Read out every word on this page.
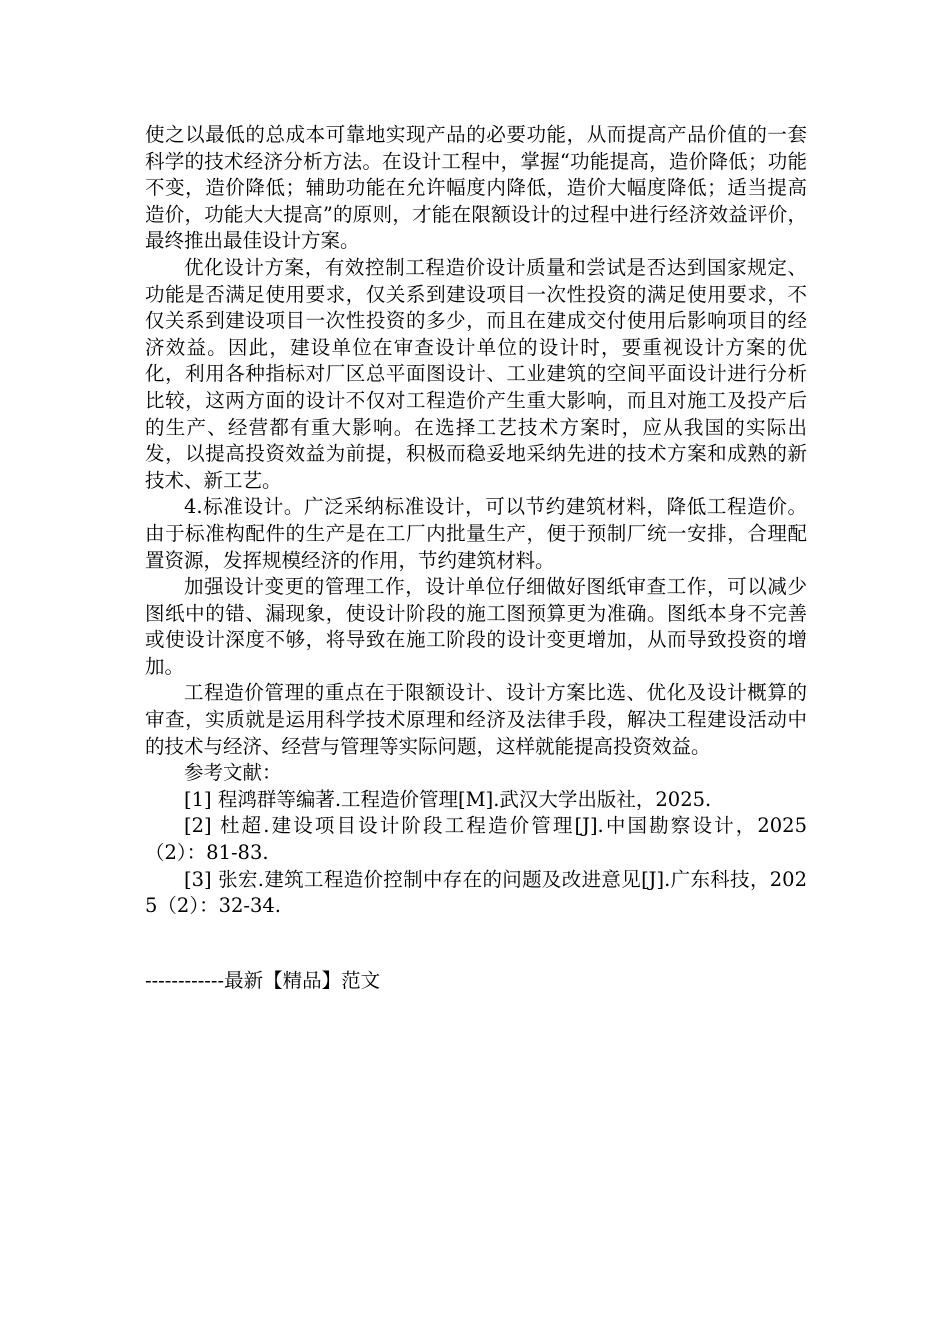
使之以最低的总成本可靠地实现产品的必要功能，从而提高产品价值的一套科学的技术经济分析方法。在设计工程中，掌握“功能提高，造价降低；功能不变，造价降低；辅助功能在允许幅度内降低，造价大幅度降低；适当提高造价，功能大大提高”的原则，才能在限额设计的过程中进行经济效益评价，最终推出最佳设计方案。

优化设计方案，有效控制工程造价设计质量和尝试是否达到国家规定、功能是否满足使用要求，仅关系到建设项目一次性投资的满足使用要求，不仅关系到建设项目一次性投资的多少，而且在建成交付使用后影响项目的经济效益。因此，建设单位在审查设计单位的设计时，要重视设计方案的优化，利用各种指标对厂区总平面图设计、工业建筑的空间平面设计进行分析比较，这两方面的设计不仅对工程造价产生重大影响，而且对施工及投产后的生产、经营都有重大影响。在选择工艺技术方案时，应从我国的实际出发，以提高投资效益为前提，积极而稳妥地采纳先进的技术方案和成熟的新技术、新工艺。

4.标准设计。广泛采纳标准设计，可以节约建筑材料，降低工程造价。由于标准构配件的生产是在工厂内批量生产，便于预制厂统一安排，合理配置资源，发挥规模经济的作用，节约建筑材料。

加强设计变更的管理工作，设计单位仔细做好图纸审查工作，可以减少图纸中的错、漏现象，使设计阶段的施工图预算更为准确。图纸本身不完善或使设计深度不够，将导致在施工阶段的设计变更增加，从而导致投资的增加。

工程造价管理的重点在于限额设计、设计方案比选、优化及设计概算的审查，实质就是运用科学技术原理和经济及法律手段，解决工程建设活动中的技术与经济、经营与管理等实际问题，这样就能提高投资效益。

参考文献：

[1] 程鸿群等编著.工程造价管理[M].武汉大学出版社，2025.

[2] 杜超.建设项目设计阶段工程造价管理[J].中国勘察设计，2025（2）：81-83.

[3] 张宏.建筑工程造价控制中存在的问题及改进意见[J].广东科技，2025（2）：32-34.

------------最新【精品】范文
